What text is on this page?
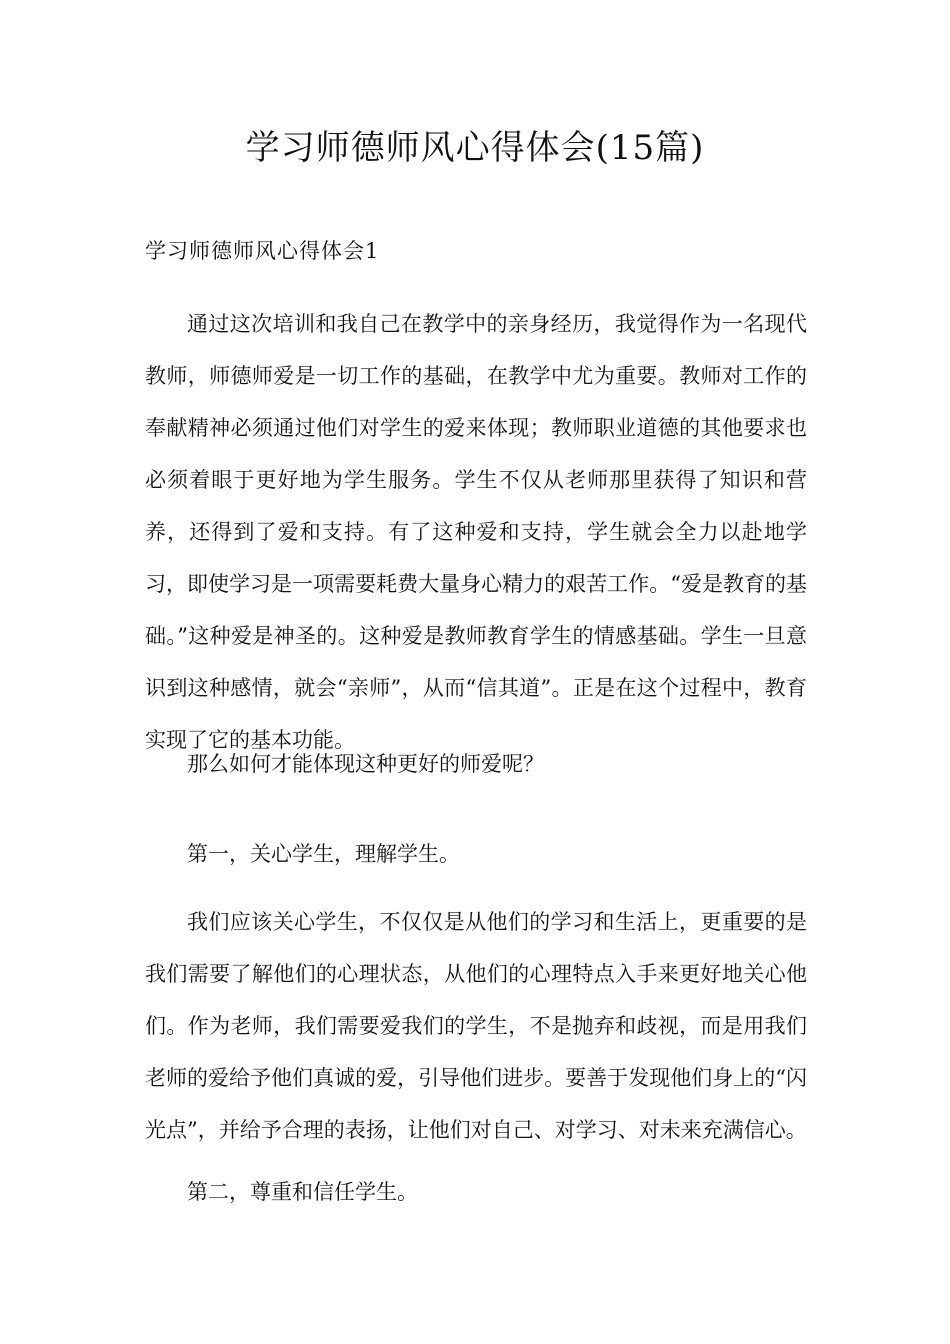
学习师德师风心得体会(15篇)
学习师德师风心得体会1

通过这次培训和我自己在教学中的亲身经历，我觉得作为一名现代教师，师德师爱是一切工作的基础，在教学中尤为重要。教师对工作的奉献精神必须通过他们对学生的爱来体现；教师职业道德的其他要求也必须着眼于更好地为学生服务。学生不仅从老师那里获得了知识和营养，还得到了爱和支持。有了这种爱和支持，学生就会全力以赴地学习，即使学习是一项需要耗费大量身心精力的艰苦工作。“爱是教育的基础。”这种爱是神圣的。这种爱是教师教育学生的情感基础。学生一旦意识到这种感情，就会“亲师”，从而“信其道”。正是在这个过程中，教育实现了它的基本功能。

那么如何才能体现这种更好的师爱呢？

第一，关心学生，理解学生。

我们应该关心学生，不仅仅是从他们的学习和生活上，更重要的是我们需要了解他们的心理状态，从他们的心理特点入手来更好地关心他们。作为老师，我们需要爱我们的学生，不是抛弃和歧视，而是用我们老师的爱给予他们真诚的爱，引导他们进步。要善于发现他们身上的“闪光点”，并给予合理的表扬，让他们对自己、对学习、对未来充满信心。

第二，尊重和信任学生。
